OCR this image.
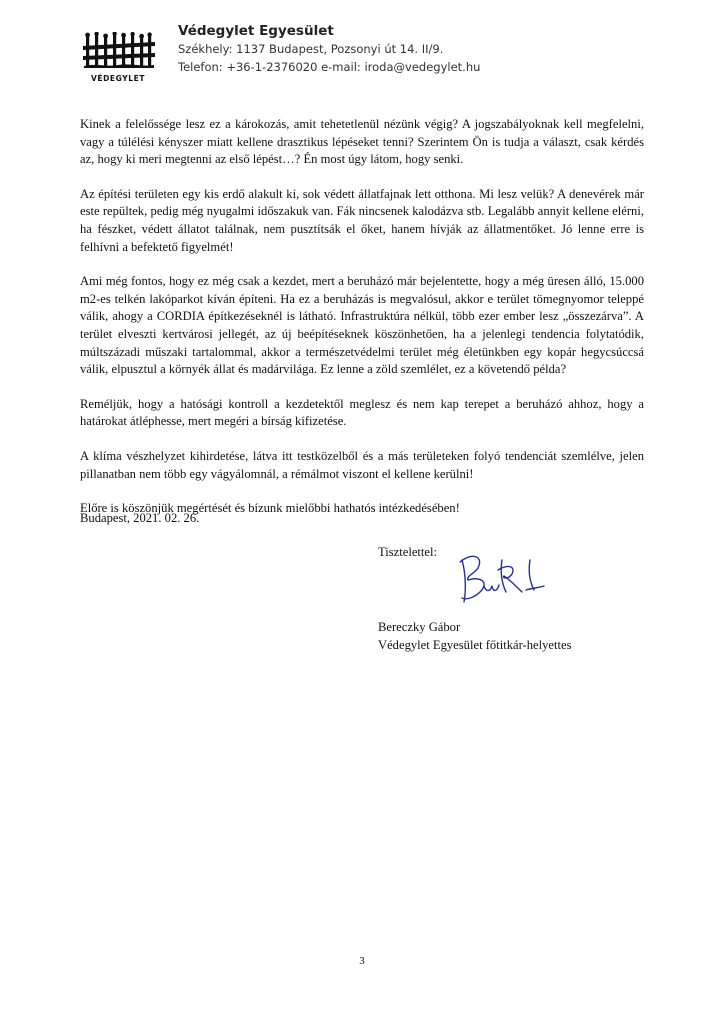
VÉDEGYLET
Védegylet Egyesület
Székhely: 1137 Budapest, Pozsonyi út 14. II/9.
Telefon: +36-1-2376020 e-mail: iroda@vedegylet.hu

Kinek a felelőssége lesz ez a károkozás, amit tehetetlenül nézünk végig? A jogszabályoknak kell megfelelni, vagy a túlélési kényszer miatt kellene drasztikus lépéseket tenni? Szerintem Ön is tudja a választ, csak kérdés az, hogy ki meri megtenni az első lépést…? Én most úgy látom, hogy senki.

Az építési területen egy kis erdő alakult ki, sok védett állatfajnak lett otthona. Mi lesz velük? A denevérek már este repültek, pedig még nyugalmi időszakuk van. Fák nincsenek kalodázva stb. Legalább annyit kellene elérni, ha fészket, védett állatot találnak, nem pusztítsák el őket, hanem hívják az állatmentőket. Jó lenne erre is felhívni a befektető figyelmét!

Ami még fontos, hogy ez még csak a kezdet, mert a beruházó már bejelentette, hogy a még üresen álló, 15.000 m2-es telkén lakóparkot kíván építeni. Ha ez a beruházás is megvalósul, akkor e terület tömegnyomor teleppé válik, ahogy a CORDIA építkezéseknél is látható. Infrastruktúra nélkül, több ezer ember lesz „összezárva”. A terület elveszti kertvárosi jellegét, az új beépítéseknek köszönhetően, ha a jelenlegi tendencia folytatódik, múltszázadi műszaki tartalommal, akkor a természetvédelmi terület még életünkben egy kopár hegycsúccsá válik, elpusztul a környék állat és madárvilága. Ez lenne a zöld szemlélet, ez a követendő példa?

Reméljük, hogy a hatósági kontroll a kezdetektől meglesz és nem kap terepet a beruházó ahhoz, hogy a határokat átléphesse, mert megéri a bírság kifizetése.

A klíma vészhelyzet kihirdetése, látva itt testközelből és a más területeken folyó tendenciát szemlélve, jelen pillanatban nem több egy vágyálomnál, a rémálmot viszont el kellene kerülni!

Előre is köszönjük megértését és bízunk mielőbbi hathatós intézkedésében!

Budapest, 2021. 02. 26.
Tisztelettel:
Bereczky Gábor
Védegylet Egyesület főtitkár-helyettes
3
